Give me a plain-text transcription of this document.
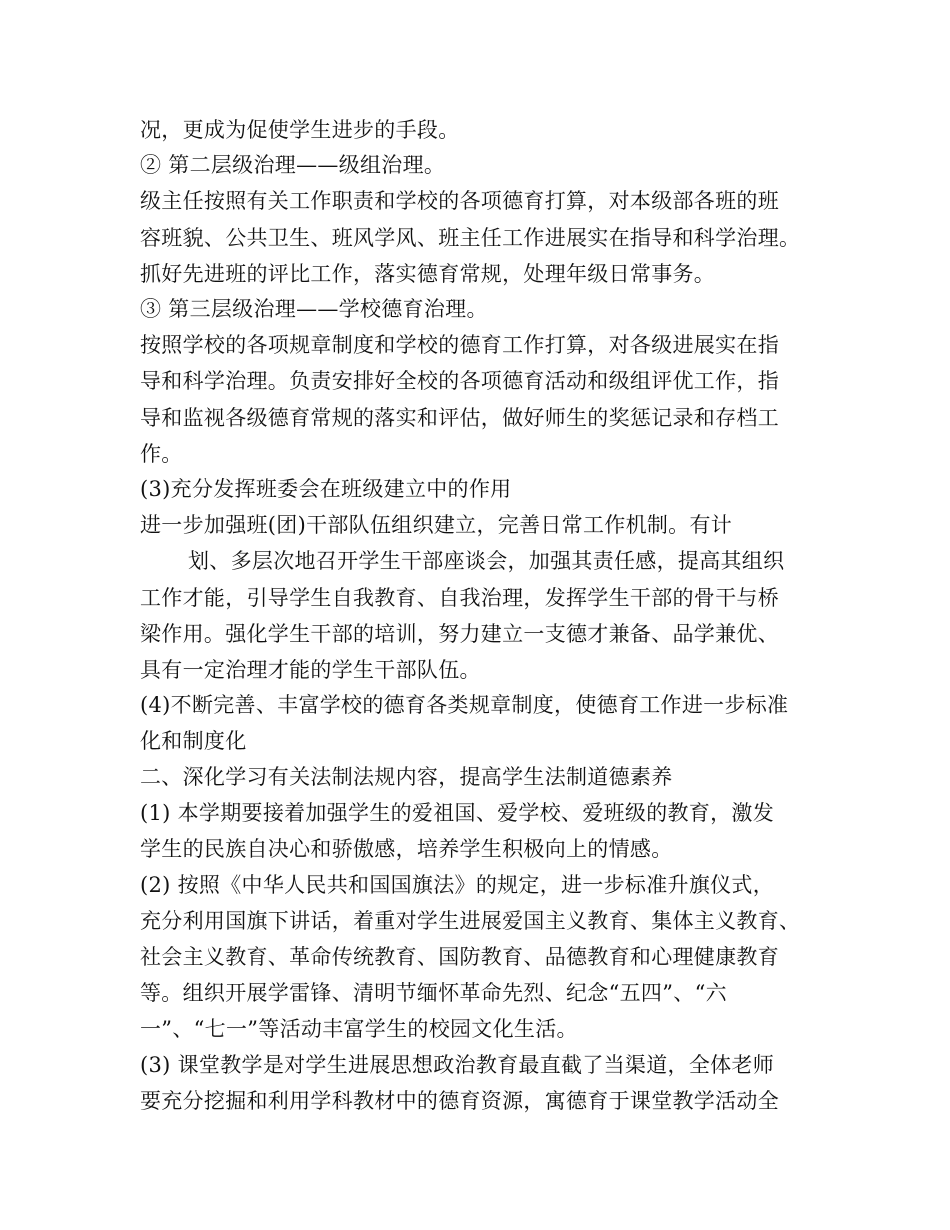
况，更成为促使学生进步的手段。
② 第二层级治理——级组治理。
级主任按照有关工作职责和学校的各项德育打算，对本级部各班的班
容班貌、公共卫生、班风学风、班主任工作进展实在指导和科学治理。
抓好先进班的评比工作，落实德育常规，处理年级日常事务。
③ 第三层级治理——学校德育治理。
按照学校的各项规章制度和学校的德育工作打算，对各级进展实在指
导和科学治理。负责安排好全校的各项德育活动和级组评优工作，指
导和监视各级德育常规的落实和评估，做好师生的奖惩记录和存档工
作。
(3)充分发挥班委会在班级建立中的作用
进一步加强班(团)干部队伍组织建立，完善日常工作机制。有计
划、多层次地召开学生干部座谈会，加强其责任感，提高其组织
工作才能，引导学生自我教育、自我治理，发挥学生干部的骨干与桥
梁作用。强化学生干部的培训，努力建立一支德才兼备、品学兼优、
具有一定治理才能的学生干部队伍。
(4)不断完善、丰富学校的德育各类规章制度，使德育工作进一步标准
化和制度化
二、深化学习有关法制法规内容，提高学生法制道德素养
(1) 本学期要接着加强学生的爱祖国、爱学校、爱班级的教育，激发
学生的民族自决心和骄傲感，培养学生积极向上的情感。
(2) 按照《中华人民共和国国旗法》的规定，进一步标准升旗仪式，
充分利用国旗下讲话，着重对学生进展爱国主义教育、集体主义教育、
社会主义教育、革命传统教育、国防教育、品德教育和心理健康教育
等。组织开展学雷锋、清明节缅怀革命先烈、纪念“五四”、“六
一”、“七一”等活动丰富学生的校园文化生活。
(3) 课堂教学是对学生进展思想政治教育最直截了当渠道，全体老师
要充分挖掘和利用学科教材中的德育资源，寓德育于课堂教学活动全
